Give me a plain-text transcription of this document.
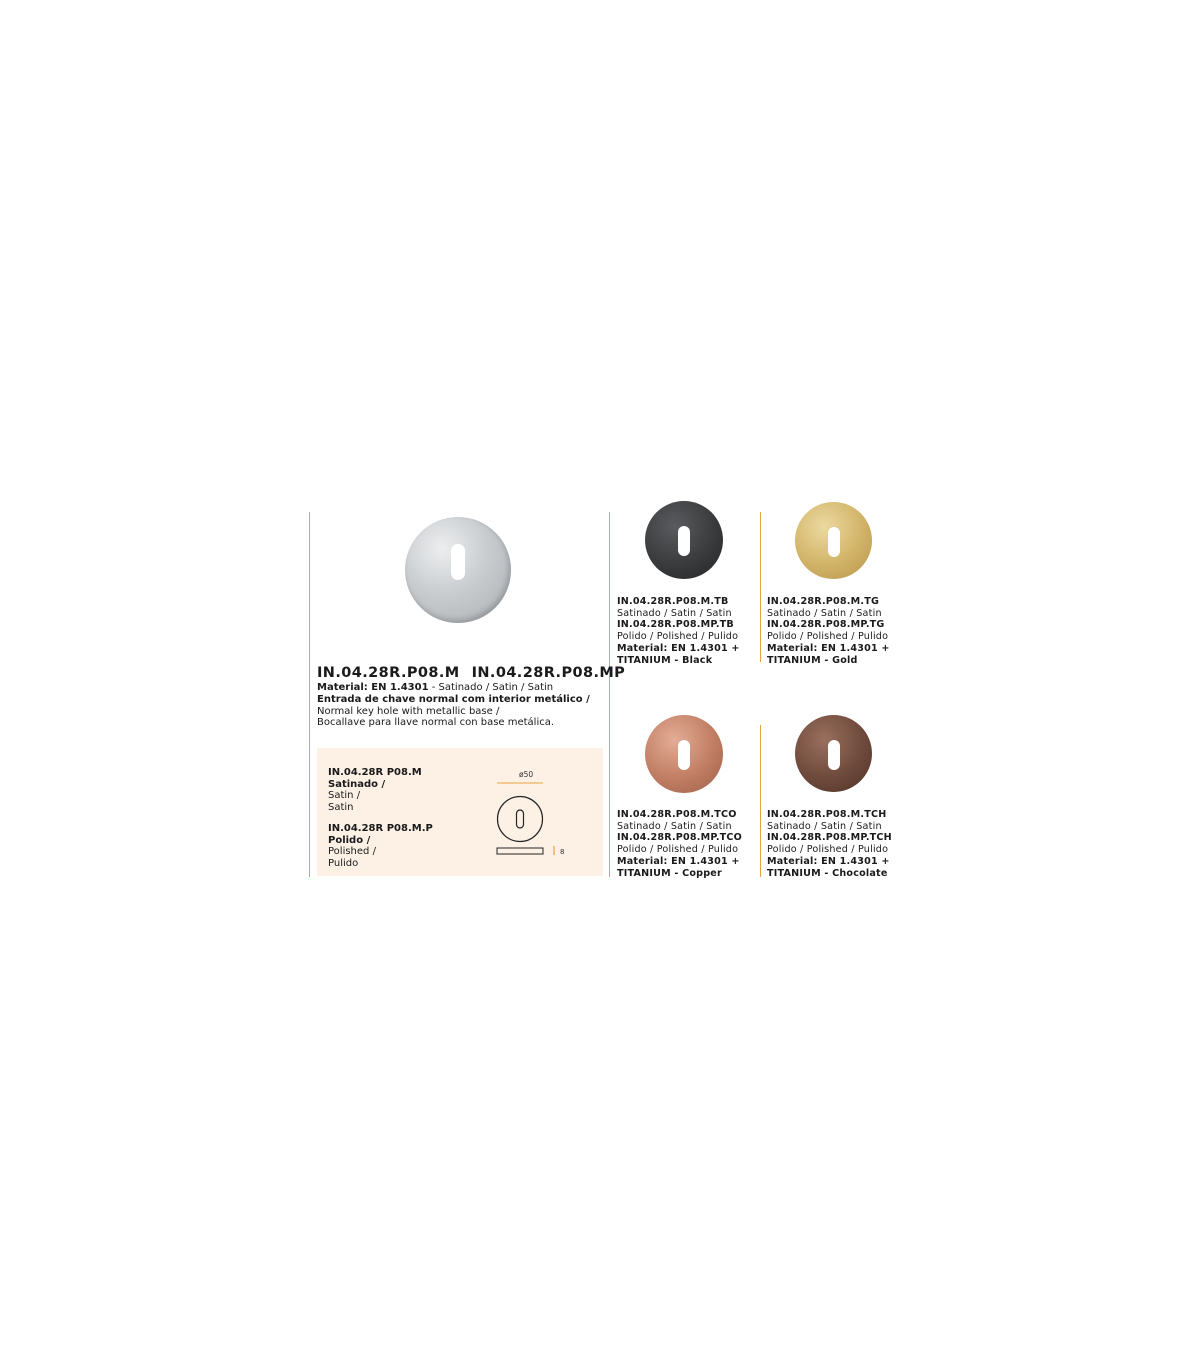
IN.04.28R.P08.M IN.04.28R.P08.MP
Material: EN 1.4301 - Satinado / Satin / Satin
Entrada de chave normal com interior metálico /
Normal key hole with metallic base /
Bocallave para llave normal con base metálica.
IN.04.28R P08.M
Satinado /
Satin /
Satin
IN.04.28R P08.M.P
Polido /
Polished /
Pulido
ø50
8
IN.04.28R.P08.M.TB
Satinado / Satin / Satin
IN.04.28R.P08.MP.TB
Polido / Polished / Pulido
Material: EN 1.4301 +
TITANIUM - Black
IN.04.28R.P08.M.TG
Satinado / Satin / Satin
IN.04.28R.P08.MP.TG
Polido / Polished / Pulido
Material: EN 1.4301 +
TITANIUM - Gold
IN.04.28R.P08.M.TCO
Satinado / Satin / Satin
IN.04.28R.P08.MP.TCO
Polido / Polished / Pulido
Material: EN 1.4301 +
TITANIUM - Copper
IN.04.28R.P08.M.TCH
Satinado / Satin / Satin
IN.04.28R.P08.MP.TCH
Polido / Polished / Pulido
Material: EN 1.4301 +
TITANIUM - Chocolate
